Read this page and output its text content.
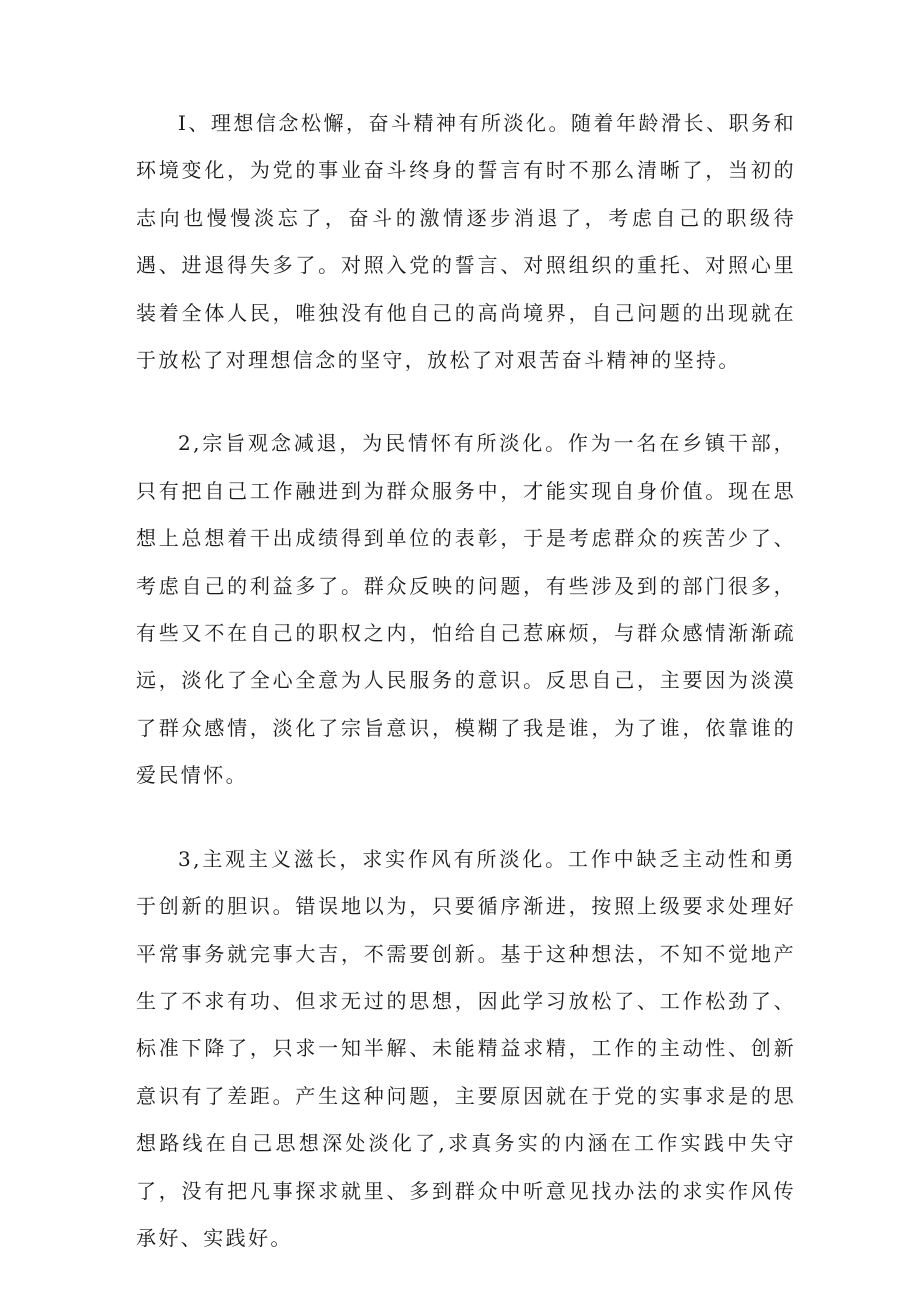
I、理想信念松懈，奋斗精神有所淡化。随着年龄滑长、职务和环境变化，为党的事业奋斗终身的誓言有时不那么清晰了，当初的志向也慢慢淡忘了，奋斗的激情逐步消退了，考虑自己的职级待遇、进退得失多了。对照入党的誓言、对照组织的重托、对照心里装着全体人民，唯独没有他自己的高尚境界，自己问题的出现就在于放松了对理想信念的坚守，放松了对艰苦奋斗精神的坚持。

2,宗旨观念减退，为民情怀有所淡化。作为一名在乡镇干部，只有把自己工作融进到为群众服务中，才能实现自身价值。现在思想上总想着干出成绩得到单位的表彰，于是考虑群众的疾苦少了、考虑自己的利益多了。群众反映的问题，有些涉及到的部门很多，有些又不在自己的职权之内，怕给自己惹麻烦，与群众感情渐渐疏远，淡化了全心全意为人民服务的意识。反思自己，主要因为淡漠了群众感情，淡化了宗旨意识，模糊了我是谁，为了谁，依靠谁的爱民情怀。

3,主观主义滋长，求实作风有所淡化。工作中缺乏主动性和勇于创新的胆识。错误地以为，只要循序渐进，按照上级要求处理好平常事务就完事大吉，不需要创新。基于这种想法，不知不觉地产生了不求有功、但求无过的思想，因此学习放松了、工作松劲了、标准下降了，只求一知半解、未能精益求精，工作的主动性、创新意识有了差距。产生这种问题，主要原因就在于党的实事求是的思想路线在自己思想深处淡化了,求真务实的内涵在工作实践中失守了，没有把凡事探求就里、多到群众中听意见找办法的求实作风传承好、实践好。
